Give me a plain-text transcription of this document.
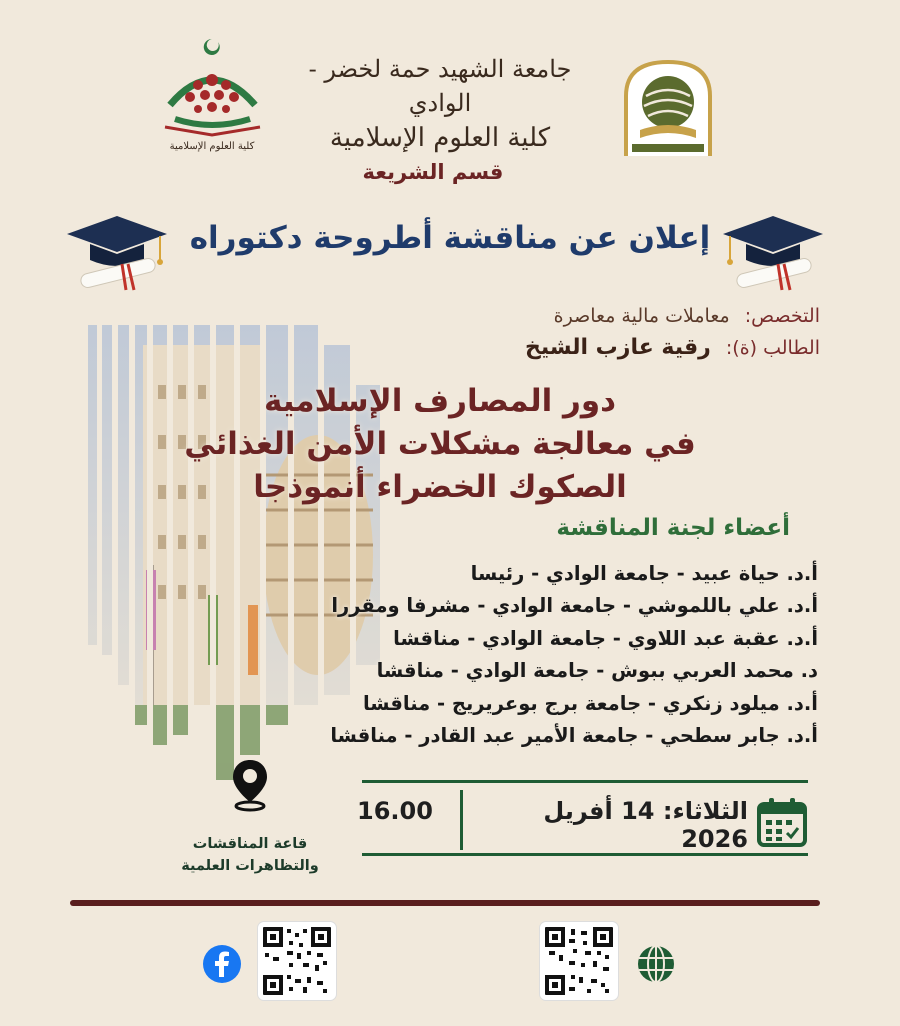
كلية العلوم الإسلامية
جامعة الشهيد حمة لخضر - الوادي
كلية العلوم الإسلامية
قسم الشريعة
إعلان عن مناقشة أطروحة دكتوراه
التخصص: معاملات مالية معاصرة
الطالب (ة): رقية عازب الشيخ
دور المصارف الإسلامية
في معالجة مشكلات الأمن الغذائي
الصكوك الخضراء أنموذجا
أعضاء لجنة المناقشة
أ.د. حياة عبيد - جامعة الوادي - رئيسا
أ.د. علي باللموشي - جامعة الوادي - مشرفا ومقررا
أ.د. عقبة عبد اللاوي - جامعة الوادي - مناقشا
د. محمد العربي ببوش - جامعة الوادي - مناقشا
أ.د. ميلود زنكري - جامعة برج بوعريريج - مناقشا
أ.د. جابر سطحي - جامعة الأمير عبد القادر - مناقشا
قاعة المناقشات
والتظاهرات العلمية
الثلاثاء: 14 أفريل 2026
16.00
